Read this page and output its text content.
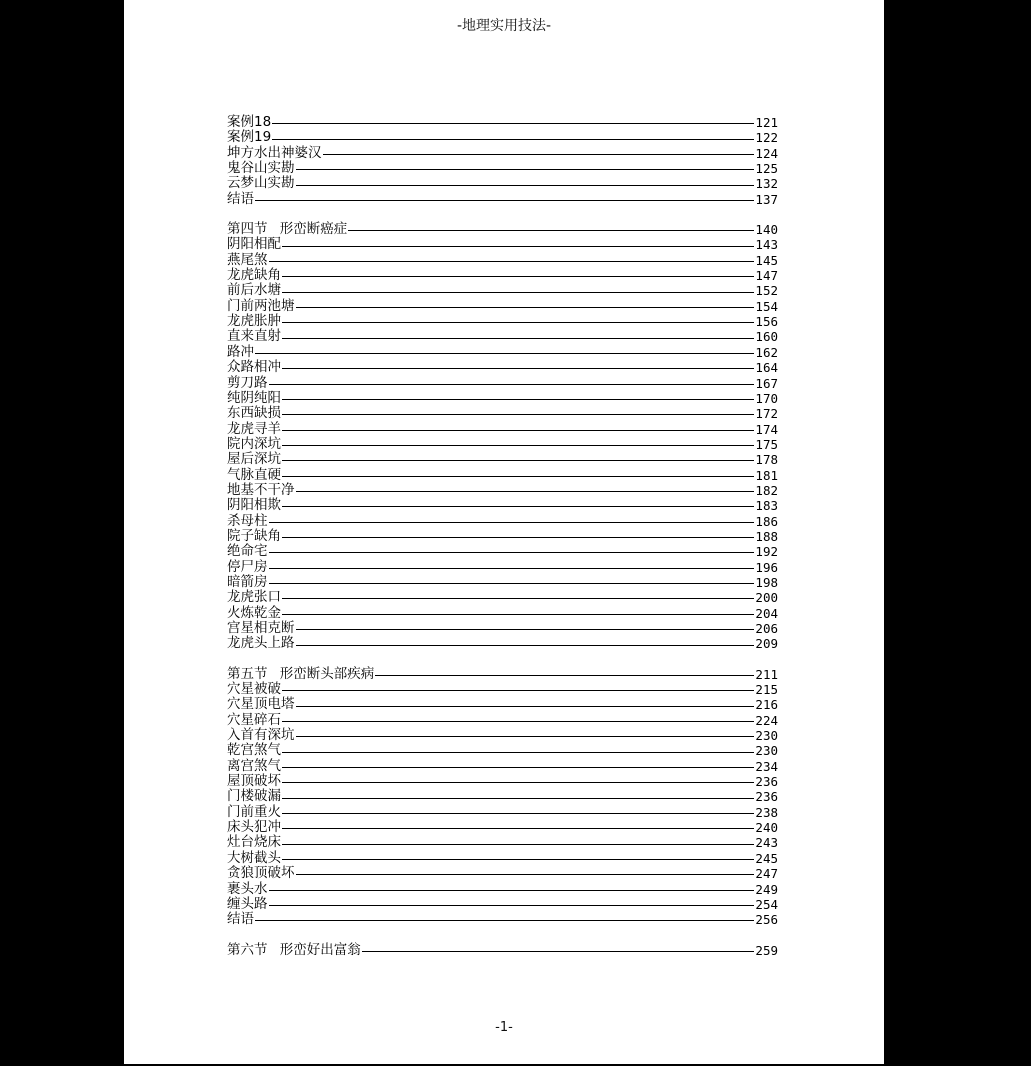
-地理实用技法-
案例18	121
案例19	122
坤方水出神婆汉	124
鬼谷山实勘	125
云梦山实勘	132
结语	137
第四节 形峦断癌症	140
阴阳相配	143
燕尾煞	145
龙虎缺角	147
前后水塘	152
门前两池塘	154
龙虎胀肿	156
直来直射	160
路冲	162
众路相冲	164
剪刀路	167
纯阴纯阳	170
东西缺损	172
龙虎寻羊	174
院内深坑	175
屋后深坑	178
气脉直硬	181
地基不干净	182
阴阳相欺	183
杀母柱	186
院子缺角	188
绝命宅	192
停尸房	196
暗箭房	198
龙虎张口	200
火炼乾金	204
宫星相克断	206
龙虎头上路	209
第五节 形峦断头部疾病	211
穴星被破	215
穴星顶电塔	216
穴星碎石	224
入首有深坑	230
乾宫煞气	230
离宫煞气	234
屋顶破坏	236
门楼破漏	236
门前重火	238
床头犯冲	240
灶台烧床	243
大树截头	245
贪狼顶破坏	247
裹头水	249
缠头路	254
结语	256
第六节 形峦好出富翁	259
-1-
